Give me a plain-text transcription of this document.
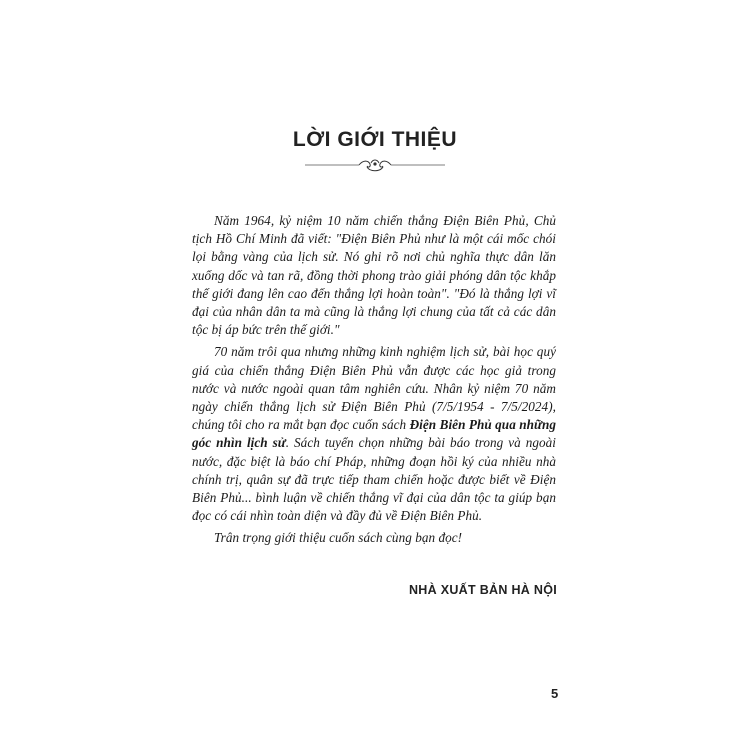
LỜI GIỚI THIỆU

Năm 1964, kỷ niệm 10 năm chiến thắng Điện Biên Phủ, Chủ tịch Hồ Chí Minh đã viết: "Điện Biên Phủ như là một cái mốc chói lọi bằng vàng của lịch sử. Nó ghi rõ nơi chủ nghĩa thực dân lăn xuống dốc và tan rã, đồng thời phong trào giải phóng dân tộc khắp thế giới đang lên cao đến thắng lợi hoàn toàn". "Đó là thắng lợi vĩ đại của nhân dân ta mà cũng là thắng lợi chung của tất cả các dân tộc bị áp bức trên thế giới."

70 năm trôi qua nhưng những kinh nghiệm lịch sử, bài học quý giá của chiến thắng Điện Biên Phủ vẫn được các học giả trong nước và nước ngoài quan tâm nghiên cứu. Nhân kỷ niệm 70 năm ngày chiến thắng lịch sử Điện Biên Phủ (7/5/1954 - 7/5/2024), chúng tôi cho ra mắt bạn đọc cuốn sách Điện Biên Phủ qua những góc nhìn lịch sử. Sách tuyển chọn những bài báo trong và ngoài nước, đặc biệt là báo chí Pháp, những đoạn hồi ký của nhiều nhà chính trị, quân sự đã trực tiếp tham chiến hoặc được biết về Điện Biên Phủ... bình luận về chiến thắng vĩ đại của dân tộc ta giúp bạn đọc có cái nhìn toàn diện và đầy đủ về Điện Biên Phủ.

Trân trọng giới thiệu cuốn sách cùng bạn đọc!

NHÀ XUẤT BẢN HÀ NỘI
5
